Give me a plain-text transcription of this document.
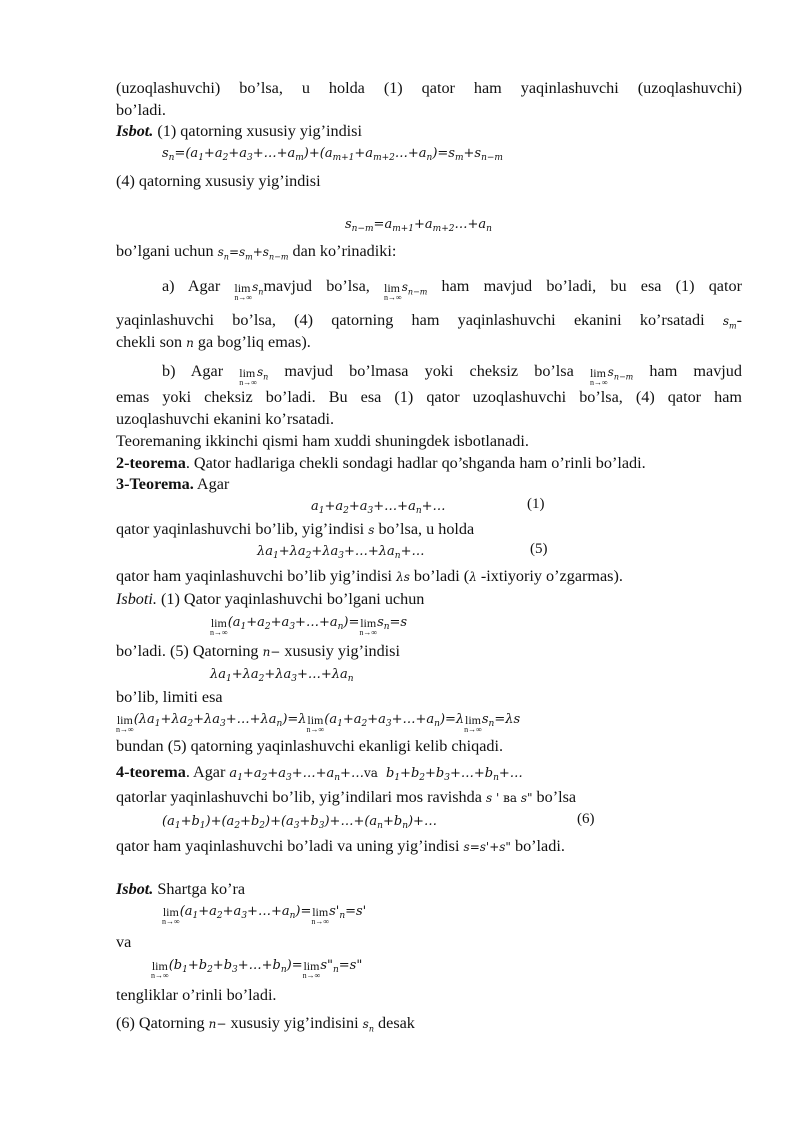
(uzoqlashuvchi) bo’lsa, u holda (1) qator ham yaqinlashuvchi (uzoqlashuvchi)
bo’ladi.
Isbot. (1) qatorning xususiy yig’indisi
$s_n=(a_1+a_2+a_3+\dots+a_m)+(a_{m+1}+a_{m+2}\dots+a_n)=s_m+s_{n-m}$
(4) qatorning xususiy yig’indisi
$s_{n-m}=a_{m+1}+a_{m+2}\dots+a_n$
bo’lgani uchun $s_n=s_m+s_{n-m}$ dan ko’rinadiki:
a) Agar lim
n→∞
$s_nmavjud$ bo’lsa, lim
n→∞
$s_{n-m}$ ham mavjud bo’ladi, bu esa (1) qator
yaqinlashuvchi bo’lsa, (4) qatorning ham yaqinlashuvchi ekanini ko’rsatadi $s_m-$
chekli son n ga bog’liq emas).
b) Agar lim
n→∞
$s_n$ mavjud bo’lmasa yoki cheksiz bo’lsa lim
n→∞
$s_{n-m}$ ham mavjud
emas yoki cheksiz bo’ladi. Bu esa (1) qator uzoqlashuvchi bo’lsa, (4) qator ham
uzoqlashuvchi ekanini ko’rsatadi.
Teoremaning ikkinchi qismi ham xuddi shuningdek isbotlanadi.
2-teorema. Qator hadlariga chekli sondagi hadlar qo’shganda ham o’rinli bo’ladi.
3-Teorema. Agar
$a_1+a_2+a_3+\dots+a_n+\dots$	(1)
qator yaqinlashuvchi bo’lib, yig’indisi s bo’lsa, u holda
$\lambda a_1+\lambda a_2+\lambda a_3+\dots+\lambda a_n+\dots$	(5)
qator ham yaqinlashuvchi bo’lib yig’indisi λs bo’ladi (λ -ixtiyoriy o’zgarmas).
Isboti. (1) Qator yaqinlashuvchi bo’lgani uchun
lim
n→∞
$(a_1+a_2+a_3+\dots+a_n)= \lim$
n→∞
$s_n=s$
bo’ladi. (5) Qatorning n− xususiy yig’indisi
$\lambda a_1+\lambda a_2+\lambda a_3+\dots+\lambda a_n$
bo’lib, limiti esa
lim
n→∞
$(\lambda a_1+\lambda a_2+\lambda a_3+\dots+\lambda a_n)=\lambda$ lim
n→∞
$(a_1+a_2+a_3+\dots+a_n)=\lambda$ lim
n→∞
$s_n=\lambda s$
bundan (5) qatorning yaqinlashuvchi ekanligi kelib chiqadi.
4-teorema. Agar $a_1+a_2+a_3+\dots+a_n+\dots va$ $b_1+b_2+b_3+\dots+b_n+\dots$
qatorlar yaqinlashuvchi bo’lib, yig’indilari mos ravishda s ' ва s" bo’lsa
$(a_1+b_1)+(a_2+b_2)+(a_3+b_3)+\dots+(a_n+b_n)+\dots$	(6)
qator ham yaqinlashuvchi bo’ladi va uning yig’indisi s=s'+s" bo’ladi.
Isbot. Shartga ko’ra
lim
n→∞
$(a_1+a_2+a_3+\dots+a_n)= \lim$
n→∞
$s'_n=s'$
va
lim
n→∞
$(b_1+b_2+b_3+\dots+b_n)= \lim$
n→∞
$s"_n=s$"
tengliklar o’rinli bo’ladi.
(6) Qatorning n− xususiy yig’indisini $s_n$ desak
